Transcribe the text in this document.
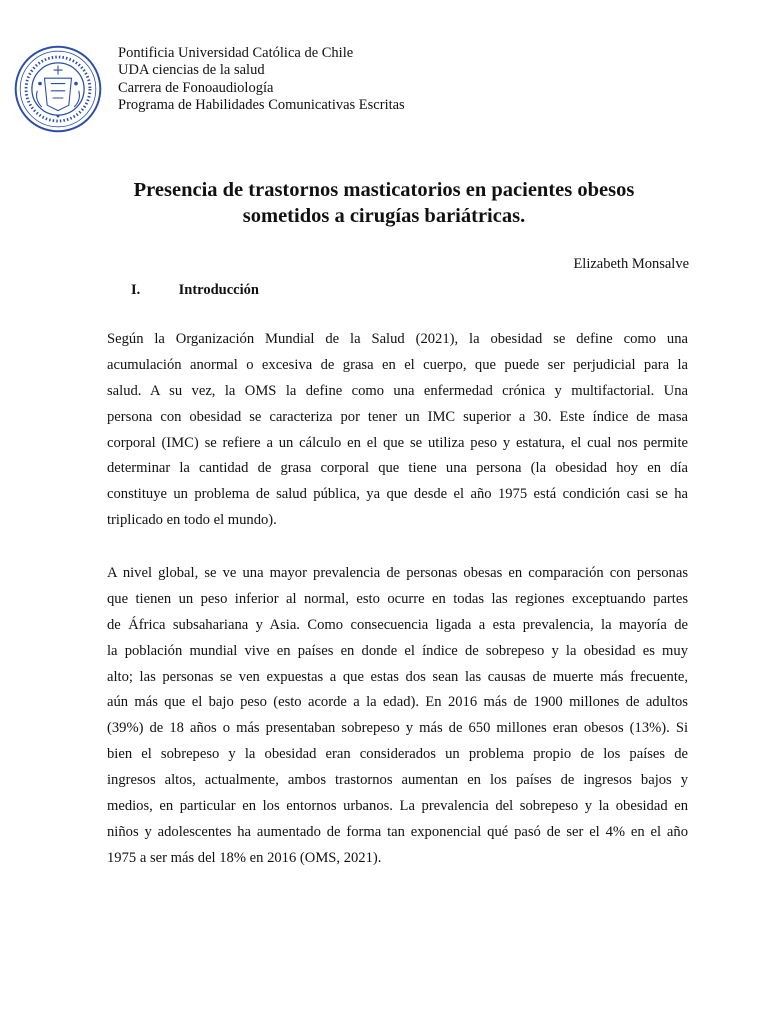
Pontificia Universidad Católica de Chile
UDA ciencias de la salud
Carrera de Fonoaudiología
Programa de Habilidades Comunicativas Escritas
Presencia de trastornos masticatorios en pacientes obesos
sometidos a cirugías bariátricas.
Elizabeth Monsalve
I.	Introducción
Según la Organización Mundial de la Salud (2021), la obesidad se define como una
acumulación anormal o excesiva de grasa en el cuerpo, que puede ser perjudicial para la
salud. A su vez, la OMS la define como una enfermedad crónica y multifactorial. Una
persona con obesidad se caracteriza por tener un IMC superior a 30. Este índice de masa
corporal (IMC) se refiere a un cálculo en el que se utiliza peso y estatura, el cual nos permite
determinar la cantidad de grasa corporal que tiene una persona (la obesidad hoy en día
constituye un problema de salud pública, ya que desde el año 1975 está condición casi se ha
triplicado en todo el mundo).
A nivel global, se ve una mayor prevalencia de personas obesas en comparación con personas
que tienen un peso inferior al normal, esto ocurre en todas las regiones exceptuando partes
de África subsahariana y Asia. Como consecuencia ligada a esta prevalencia, la mayoría de
la población mundial vive en países en donde el índice de sobrepeso y la obesidad es muy
alto; las personas se ven expuestas a que estas dos sean las causas de muerte más frecuente,
aún más que el bajo peso (esto acorde a la edad). En 2016 más de 1900 millones de adultos
(39%) de 18 años o más presentaban sobrepeso y más de 650 millones eran obesos (13%). Si
bien el sobrepeso y la obesidad eran considerados un problema propio de los países de
ingresos altos, actualmente, ambos trastornos aumentan en los países de ingresos bajos y
medios, en particular en los entornos urbanos. La prevalencia del sobrepeso y la obesidad en
niños y adolescentes ha aumentado de forma tan exponencial qué pasó de ser el 4% en el año
1975 a ser más del 18% en 2016 (OMS, 2021).
